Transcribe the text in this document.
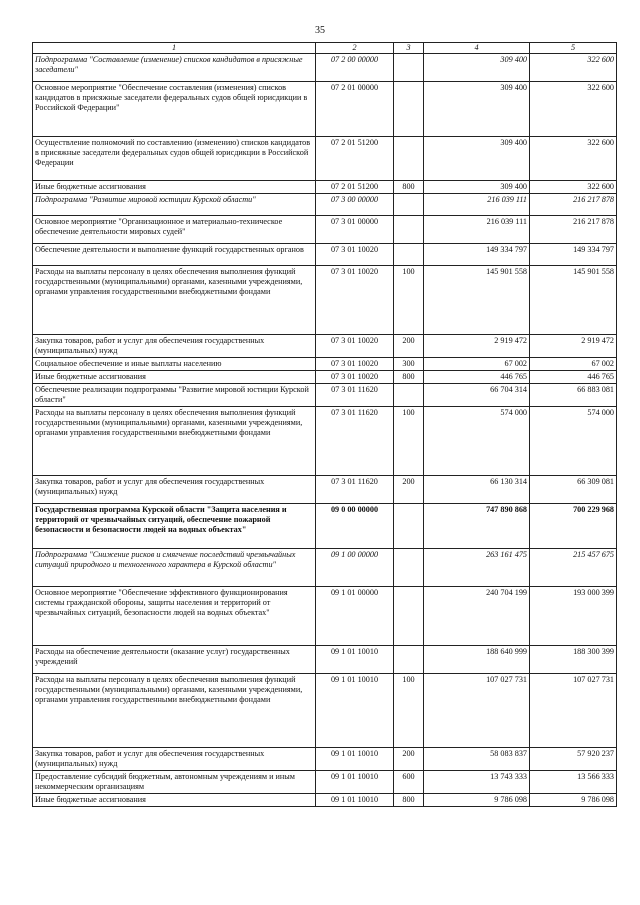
35
1	2	3	4	5
Подпрограмма "Составление (изменение) списков кандидатов в присяжные заседатели"	07 2 00 00000		309 400	322 600
Основное мероприятие "Обеспечение составления (изменения) списков кандидатов в присяжные заседатели федеральных судов общей юрисдикции в Российской Федерации"	07 2 01 00000		309 400	322 600
Осуществление полномочий по составлению (изменению) списков кандидатов в присяжные заседатели федеральных судов общей юрисдикции в Российской Федерации	07 2 01 51200		309 400	322 600
Иные бюджетные ассигнования	07 2 01 51200	800	309 400	322 600
Подпрограмма "Развитие мировой юстиции Курской области"	07 3 00 00000		216 039 111	216 217 878
Основное мероприятие "Организационное и материально-техническое обеспечение деятельности мировых судей"	07 3 01 00000		216 039 111	216 217 878
Обеспечение деятельности и выполнение функций государственных органов	07 3 01 10020		149 334 797	149 334 797
Расходы на выплаты персоналу в целях обеспечения выполнения функций государственными (муниципальными) органами, казенными учреждениями, органами управления государственными внебюджетными фондами	07 3 01 10020	100	145 901 558	145 901 558
Закупка товаров, работ и услуг для обеспечения государственных (муниципальных) нужд	07 3 01 10020	200	2 919 472	2 919 472
Социальное обеспечение и иные выплаты населению	07 3 01 10020	300	67 002	67 002
Иные бюджетные ассигнования	07 3 01 10020	800	446 765	446 765
Обеспечение реализации подпрограммы "Развитие мировой юстиции Курской области"	07 3 01 11620		66 704 314	66 883 081
Расходы на выплаты персоналу в целях обеспечения выполнения функций государственными (муниципальными) органами, казенными учреждениями, органами управления государственными внебюджетными фондами	07 3 01 11620	100	574 000	574 000
Закупка товаров, работ и услуг для обеспечения государственных (муниципальных) нужд	07 3 01 11620	200	66 130 314	66 309 081
Государственная программа Курской области "Защита населения и территорий от чрезвычайных ситуаций, обеспечение пожарной безопасности и безопасности людей на водных объектах"	09 0 00 00000		747 890 868	700 229 968
Подпрограмма "Снижение рисков и смягчение последствий чрезвычайных ситуаций природного и техногенного характера в Курской области"	09 1 00 00000		263 161 475	215 457 675
Основное мероприятие "Обеспечение эффективного функционирования системы гражданской обороны, защиты населения и территорий от чрезвычайных ситуаций, безопасности людей на водных объектах"	09 1 01 00000		240 704 199	193 000 399
Расходы на обеспечение деятельности (оказание услуг) государственных учреждений	09 1 01 10010		188 640 999	188 300 399
Расходы на выплаты персоналу в целях обеспечения выполнения функций государственными (муниципальными) органами, казенными учреждениями, органами управления государственными внебюджетными фондами	09 1 01 10010	100	107 027 731	107 027 731
Закупка товаров, работ и услуг для обеспечения государственных (муниципальных) нужд	09 1 01 10010	200	58 083 837	57 920 237
Предоставление субсидий бюджетным, автономным учреждениям и иным некоммерческим организациям	09 1 01 10010	600	13 743 333	13 566 333
Иные бюджетные ассигнования	09 1 01 10010	800	9 786 098	9 786 098
